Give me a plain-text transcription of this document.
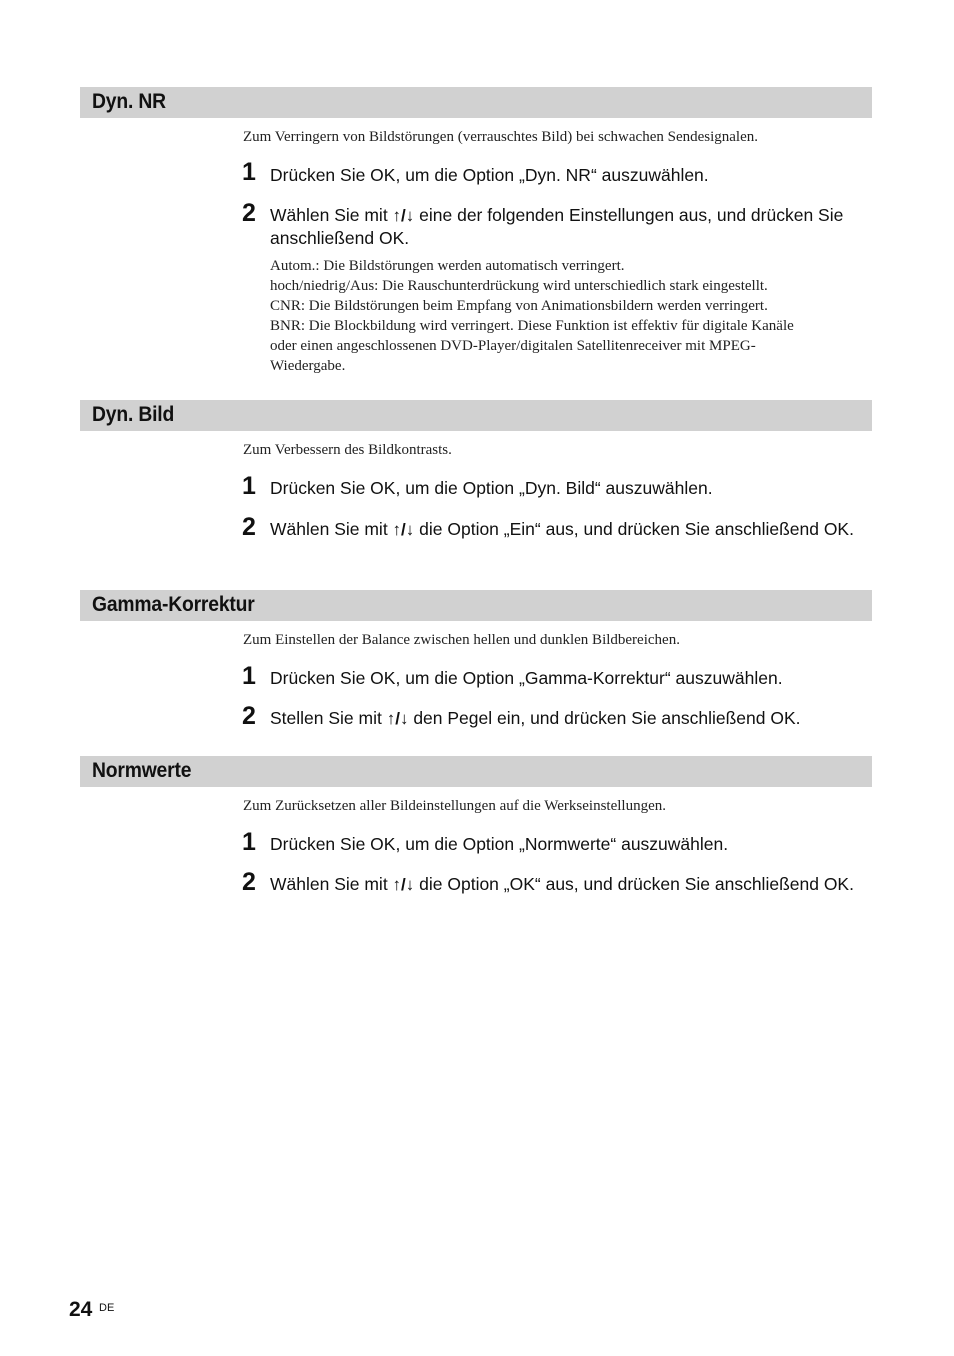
Dyn. NR
Zum Verringern von Bildstörungen (verrauschtes Bild) bei schwachen Sendesignalen.
1 Drücken Sie OK, um die Option „Dyn. NR“ auszuwählen.
2 Wählen Sie mit ↑/↓ eine der folgenden Einstellungen aus, und drücken Sie anschließend OK.
Autom.: Die Bildstörungen werden automatisch verringert.
hoch/niedrig/Aus: Die Rauschunterdrückung wird unterschiedlich stark eingestellt.
CNR: Die Bildstörungen beim Empfang von Animationsbildern werden verringert.
BNR: Die Blockbildung wird verringert. Diese Funktion ist effektiv für digitale Kanäle
oder einen angeschlossenen DVD-Player/digitalen Satellitenreceiver mit MPEG-
Wiedergabe.
Dyn. Bild
Zum Verbessern des Bildkontrasts.
1 Drücken Sie OK, um die Option „Dyn. Bild“ auszuwählen.
2 Wählen Sie mit ↑/↓ die Option „Ein“ aus, und drücken Sie anschließend OK.
Gamma-Korrektur
Zum Einstellen der Balance zwischen hellen und dunklen Bildbereichen.
1 Drücken Sie OK, um die Option „Gamma-Korrektur“ auszuwählen.
2 Stellen Sie mit ↑/↓ den Pegel ein, und drücken Sie anschließend OK.
Normwerte
Zum Zurücksetzen aller Bildeinstellungen auf die Werkseinstellungen.
1 Drücken Sie OK, um die Option „Normwerte“ auszuwählen.
2 Wählen Sie mit ↑/↓ die Option „OK“ aus, und drücken Sie anschließend OK.
24 DE
